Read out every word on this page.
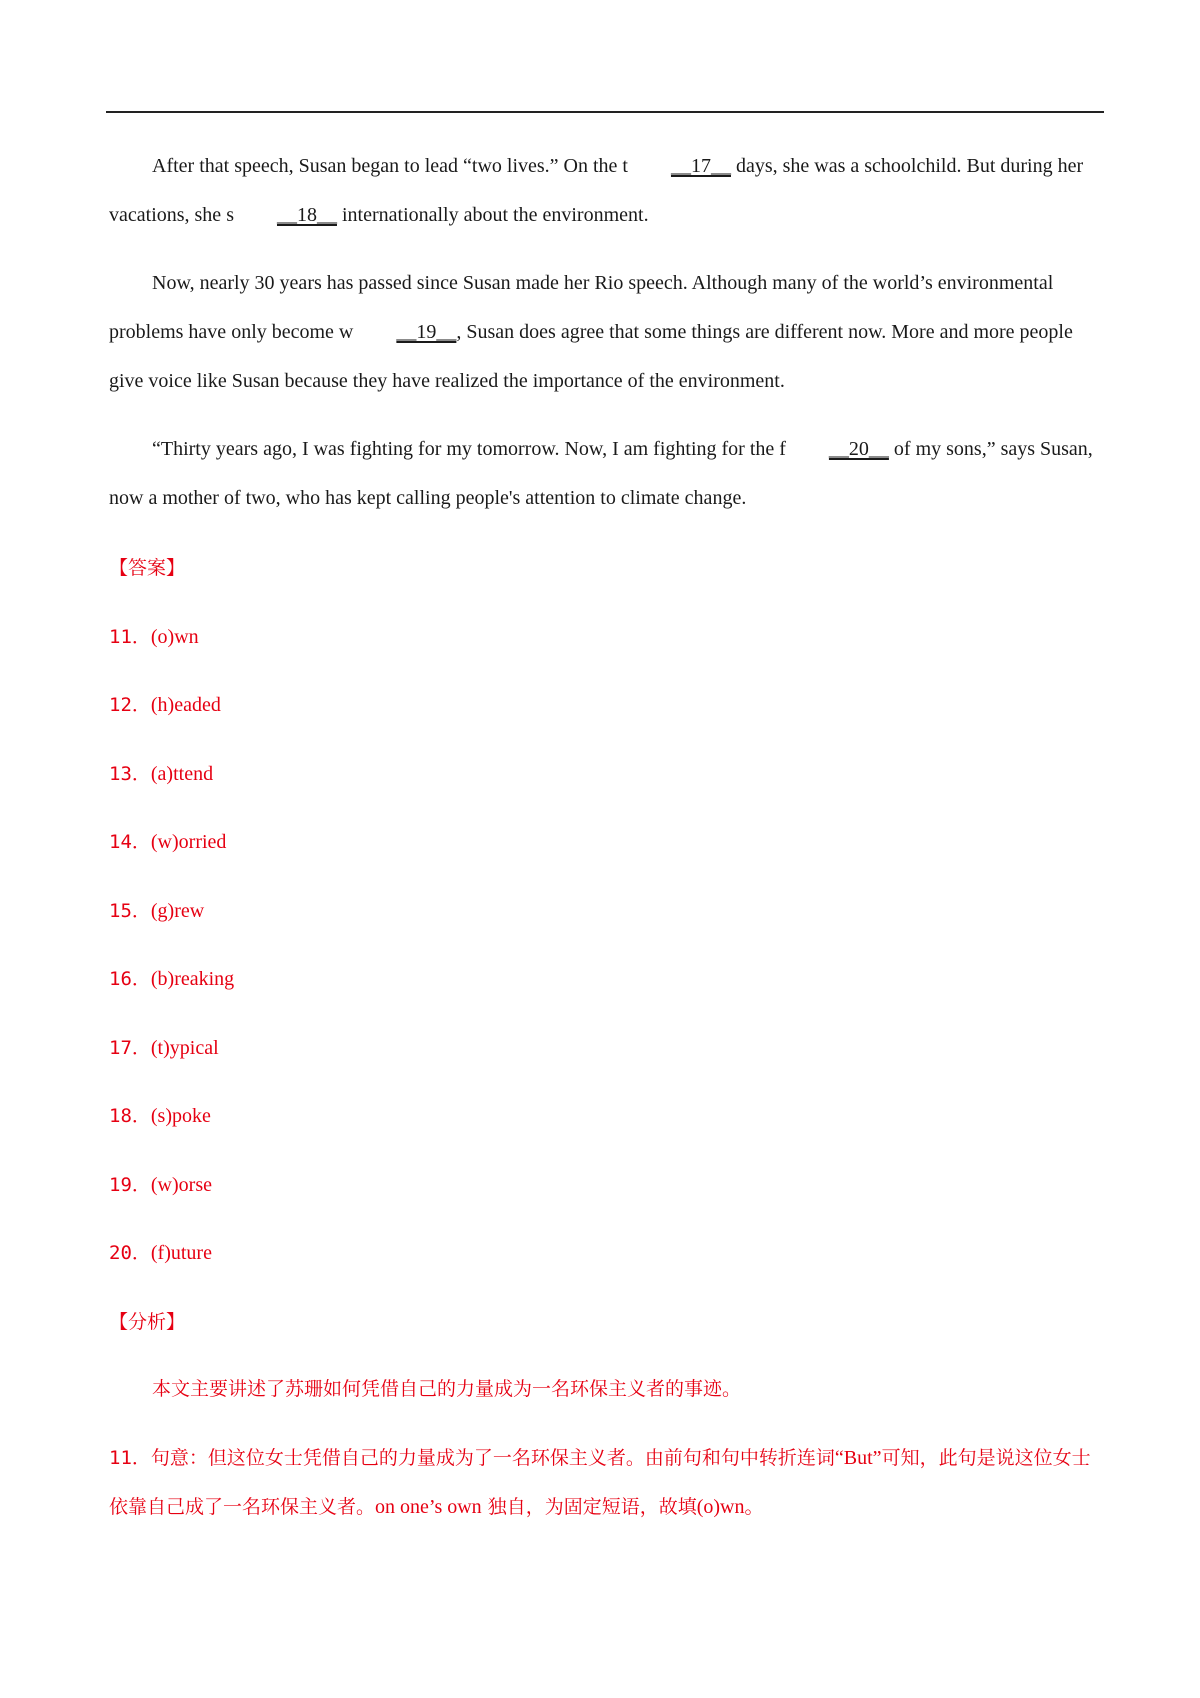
After that speech, Susan began to lead “two lives.” On the t __17__ days, she was a schoolchild. But during her vacations, she s __18__ internationally about the environment.
Now, nearly 30 years has passed since Susan made her Rio speech. Although many of the world’s environmental problems have only become w __19__, Susan does agree that some things are different now. More and more people give voice like Susan because they have realized the importance of the environment.
“Thirty years ago, I was fighting for my tomorrow. Now, I am fighting for the f __20__ of my sons,” says Susan, now a mother of two, who has kept calling people's attention to climate change.
【答案】
11．(o)wn
12．(h)eaded
13．(a)ttend
14．(w)orried
15．(g)rew
16．(b)reaking
17．(t)ypical
18．(s)poke
19．(w)orse
20．(f)uture
【分析】
本文主要讲述了苏珊如何凭借自己的力量成为一名环保主义者的事迹。
11．句意：但这位女士凭借自己的力量成为了一名环保主义者。由前句和句中转折连词“But”可知，此句是说这位女士依靠自己成了一名环保主义者。on one’s own 独自，为固定短语，故填(o)wn。
